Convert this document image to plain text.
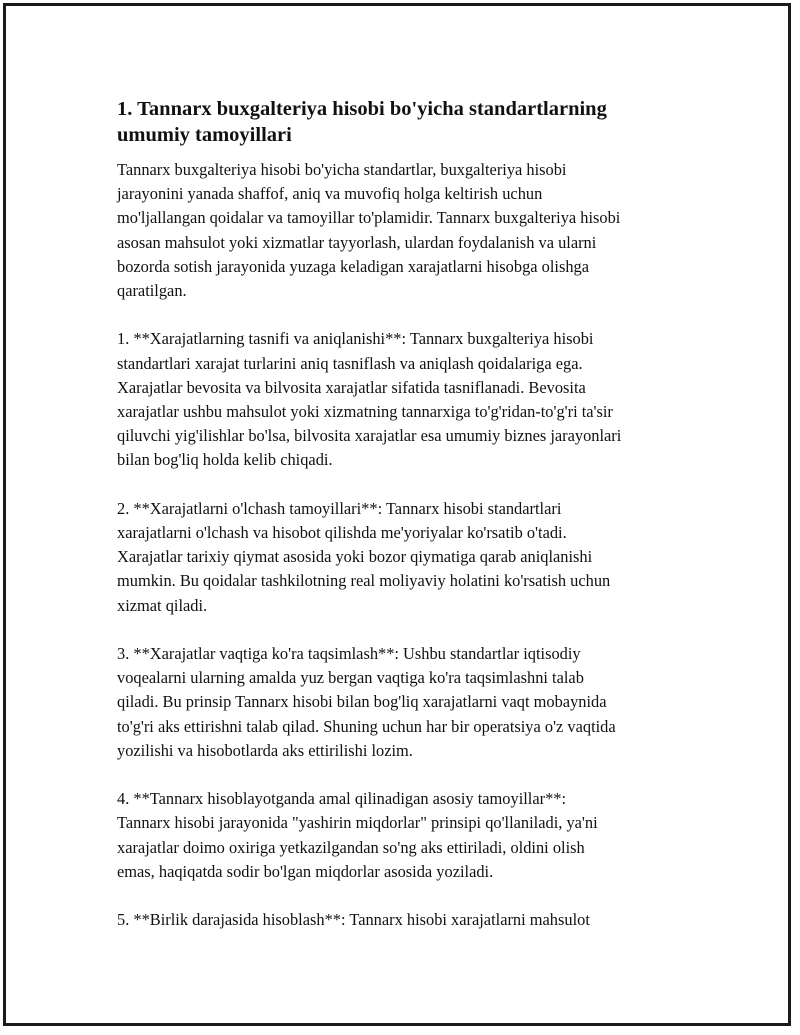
1. Tannarx buxgalteriya hisobi bo'yicha standartlarning
umumiy tamoyillari

Tannarx buxgalteriya hisobi bo'yicha standartlar, buxgalteriya hisobi
jarayonini yanada shaffof, aniq va muvofiq holga keltirish uchun
mo'ljallangan qoidalar va tamoyillar to'plamidir. Tannarx buxgalteriya hisobi
asosan mahsulot yoki xizmatlar tayyorlash, ulardan foydalanish va ularni
bozorda sotish jarayonida yuzaga keladigan xarajatlarni hisobga olishga
qaratilgan.

1. **Xarajatlarning tasnifi va aniqlanishi**: Tannarx buxgalteriya hisobi
standartlari xarajat turlarini aniq tasniflash va aniqlash qoidalariga ega.
Xarajatlar bevosita va bilvosita xarajatlar sifatida tasniflanadi. Bevosita
xarajatlar ushbu mahsulot yoki xizmatning tannarxiga to'g'ridan-to'g'ri ta'sir
qiluvchi yig'ilishlar bo'lsa, bilvosita xarajatlar esa umumiy biznes jarayonlari
bilan bog'liq holda kelib chiqadi.

2. **Xarajatlarni o'lchash tamoyillari**: Tannarx hisobi standartlari
xarajatlarni o'lchash va hisobot qilishda me'yoriyalar ko'rsatib o'tadi.
Xarajatlar tarixiy qiymat asosida yoki bozor qiymatiga qarab aniqlanishi
mumkin. Bu qoidalar tashkilotning real moliyaviy holatini ko'rsatish uchun
xizmat qiladi.

3. **Xarajatlar vaqtiga ko'ra taqsimlash**: Ushbu standartlar iqtisodiy
voqealarni ularning amalda yuz bergan vaqtiga ko'ra taqsimlashni talab
qiladi. Bu prinsip Tannarx hisobi bilan bog'liq xarajatlarni vaqt mobaynida
to'g'ri aks ettirishni talab qilad. Shuning uchun har bir operatsiya o'z vaqtida
yozilishi va hisobotlarda aks ettirilishi lozim.

4. **Tannarx hisoblayotganda amal qilinadigan asosiy tamoyillar**:
Tannarx hisobi jarayonida "yashirin miqdorlar" prinsipi qo'llaniladi, ya'ni
xarajatlar doimo oxiriga yetkazilgandan so'ng aks ettiriladi, oldini olish
emas, haqiqatda sodir bo'lgan miqdorlar asosida yoziladi.

5. **Birlik darajasida hisoblash**: Tannarx hisobi xarajatlarni mahsulot
